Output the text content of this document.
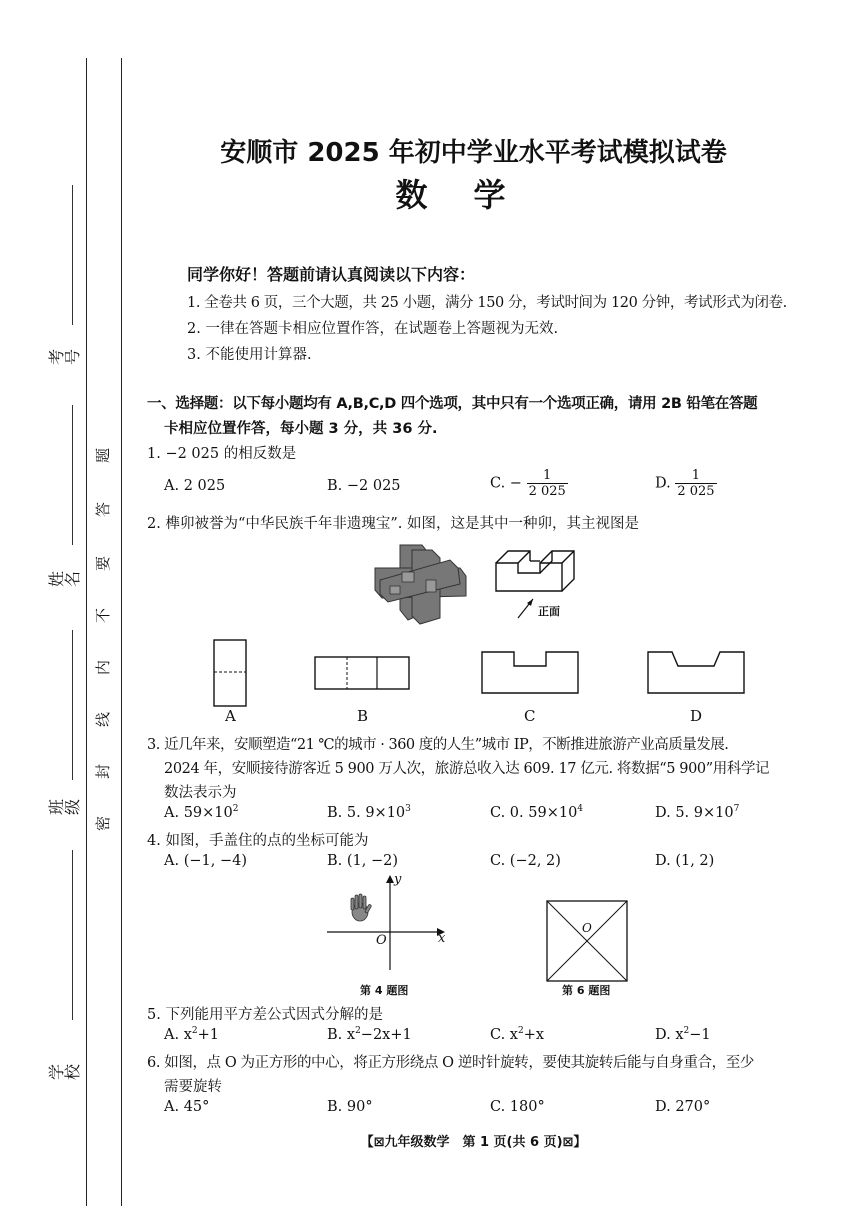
考号
姓名
班级
学校
题
答
要
不
内
线
封
密
安顺市 2025 年初中学业水平考试模拟试卷
数学
同学你好！答题前请认真阅读以下内容：
1. 全卷共 6 页，三个大题，共 25 小题，满分 150 分，考试时间为 120 分钟，考试形式为闭卷.
2. 一律在答题卡相应位置作答，在试题卷上答题视为无效.
3. 不能使用计算器.
一、选择题：以下每小题均有 A,B,C,D 四个选项，其中只有一个选项正确，请用 2B 铅笔在答题
卡相应位置作答，每小题 3 分，共 36 分.
1. −2 025 的相反数是
A. 2 025	B. −2 025	C. − $\frac{1}{2 025}$	D. $\frac{1}{2 025}$
2. 榫卯被誉为“中华民族千年非遗瑰宝”. 如图，这是其中一种卯，其主视图是
正面
A	B	C	D
3. 近几年来，安顺塑造“21 ℃的城市 · 360 度的人生”城市 IP，不断推进旅游产业高质量发展.
2024 年，安顺接待游客近 5 900 万人次，旅游总收入达 609. 17 亿元. 将数据“5 900”用科学记
数法表示为
A. $59\times 10^2$	B. 5. $9\times 10^3$	C. 0. $59\times 10^4$	D. 5. $9\times 10^7$
4. 如图，手盖住的点的坐标可能为
A. (−1, −4)	B. (1, −2)	C. (−2, 2)	D. (1, 2)
y
x
O
第 4 题图
O
第 6 题图
5. 下列能用平方差公式因式分解的是
A. $x^2+1$	B. $x^2-2x+1$	C. $x^2+x$	D. $x^2-1$
6. 如图，点 O 为正方形的中心，将正方形绕点 O 逆时针旋转，要使其旋转后能与自身重合，至少
需要旋转
A. 45°	B. 90°	C. 180°	D. 270°
【⊠九年级数学　第 1 页(共 6 页)⊠】
